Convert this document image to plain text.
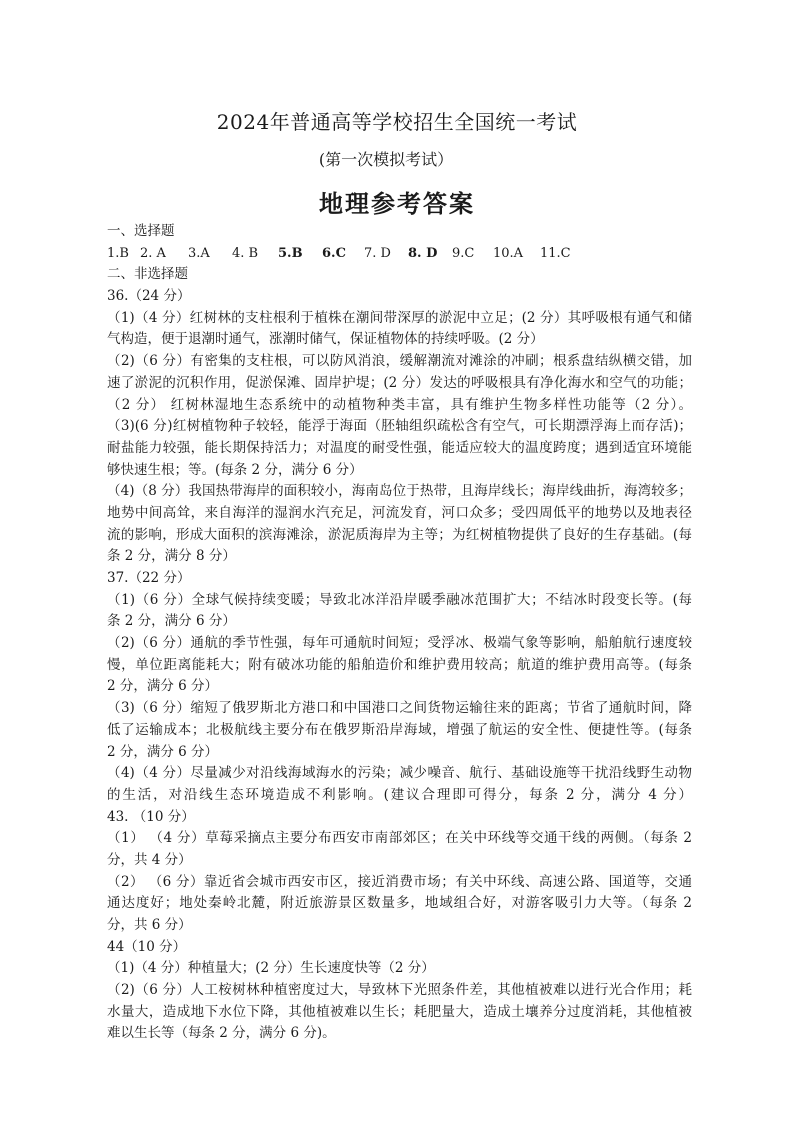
2024年普通高等学校招生全国统一考试
(第一次模拟考试）
地理参考答案
一、选择题
1.B 2. A 3.A 4. B 5.B 6.C 7. D 8. D 9.C 10.A 11.C
二、非选择题
36.（24 分）
（1)（4 分）红树林的支柱根利于植株在潮间带深厚的淤泥中立足；(2 分）其呼吸根有通气和储
气构造，便于退潮时通气，涨潮时储气，保证植物体的持续呼吸。(2 分）
（2)（6 分）有密集的支柱根，可以防风消浪，缓解潮流对滩涂的冲刷；根系盘结纵横交错，加
速了淤泥的沉积作用，促淤保滩、固岸护堤；(2 分）发达的呼吸根具有净化海水和空气的功能；
（2 分） 红树林湿地生态系统中的动植物种类丰富，具有维护生物多样性功能等（2 分）。
（3)(6 分)红树植物种子较轻，能浮于海面（胚轴组织疏松含有空气，可长期漂浮海上而存活)；
耐盐能力较强，能长期保持活力；对温度的耐受性强，能适应较大的温度跨度；遇到适宜环境能
够快速生根；等。(每条 2 分，满分 6 分）
（4)（8 分）我国热带海岸的面积较小，海南岛位于热带，且海岸线长；海岸线曲折，海湾较多；
地势中间高耸，来自海洋的湿润水汽充足，河流发育，河口众多；受四周低平的地势以及地表径
流的影响，形成大面积的滨海滩涂，淤泥质海岸为主等；为红树植物提供了良好的生存基础。(每
条 2 分，满分 8 分）
37.（22 分）
（1)（6 分）全球气候持续变暖；导致北冰洋沿岸暖季融冰范围扩大；不结冰时段变长等。(每
条 2 分，满分 6 分）
（2)（6 分）通航的季节性强，每年可通航时间短；受浮冰、极端气象等影响，船舶航行速度较
慢，单位距离能耗大；附有破冰功能的船舶造价和维护费用较高；航道的维护费用高等。(每条
2 分，满分 6 分）
（3)（6 分）缩短了俄罗斯北方港口和中国港口之间货物运输往来的距离；节省了通航时间，降
低了运输成本；北极航线主要分布在俄罗斯沿岸海域，增强了航运的安全性、便捷性等。(每条
2 分，满分 6 分）
（4)（4 分）尽量减少对沿线海域海水的污染；减少噪音、航行、基础设施等干扰沿线野生动物
的生活，对沿线生态环境造成不利影响。(建议合理即可得分，每条 2 分，满分 4 分）
43. （10 分）
（1） （4 分）草莓采摘点主要分布西安市南部郊区；在关中环线等交通干线的两侧。（每条 2
分，共 4 分）
（2） （6 分）靠近省会城市西安市区，接近消费市场；有关中环线、高速公路、国道等，交通
通达度好；地处秦岭北麓，附近旅游景区数量多，地域组合好，对游客吸引力大等。（每条 2
分，共 6 分）
44（10 分）
（1)（4 分）种植量大；(2 分）生长速度快等（2 分）
（2)（6 分）人工桉树林种植密度过大，导致林下光照条件差，其他植被难以进行光合作用；耗
水量大，造成地下水位下降，其他植被难以生长；耗肥量大，造成土壤养分过度消耗，其他植被
难以生长等（每条 2 分，满分 6 分)。
